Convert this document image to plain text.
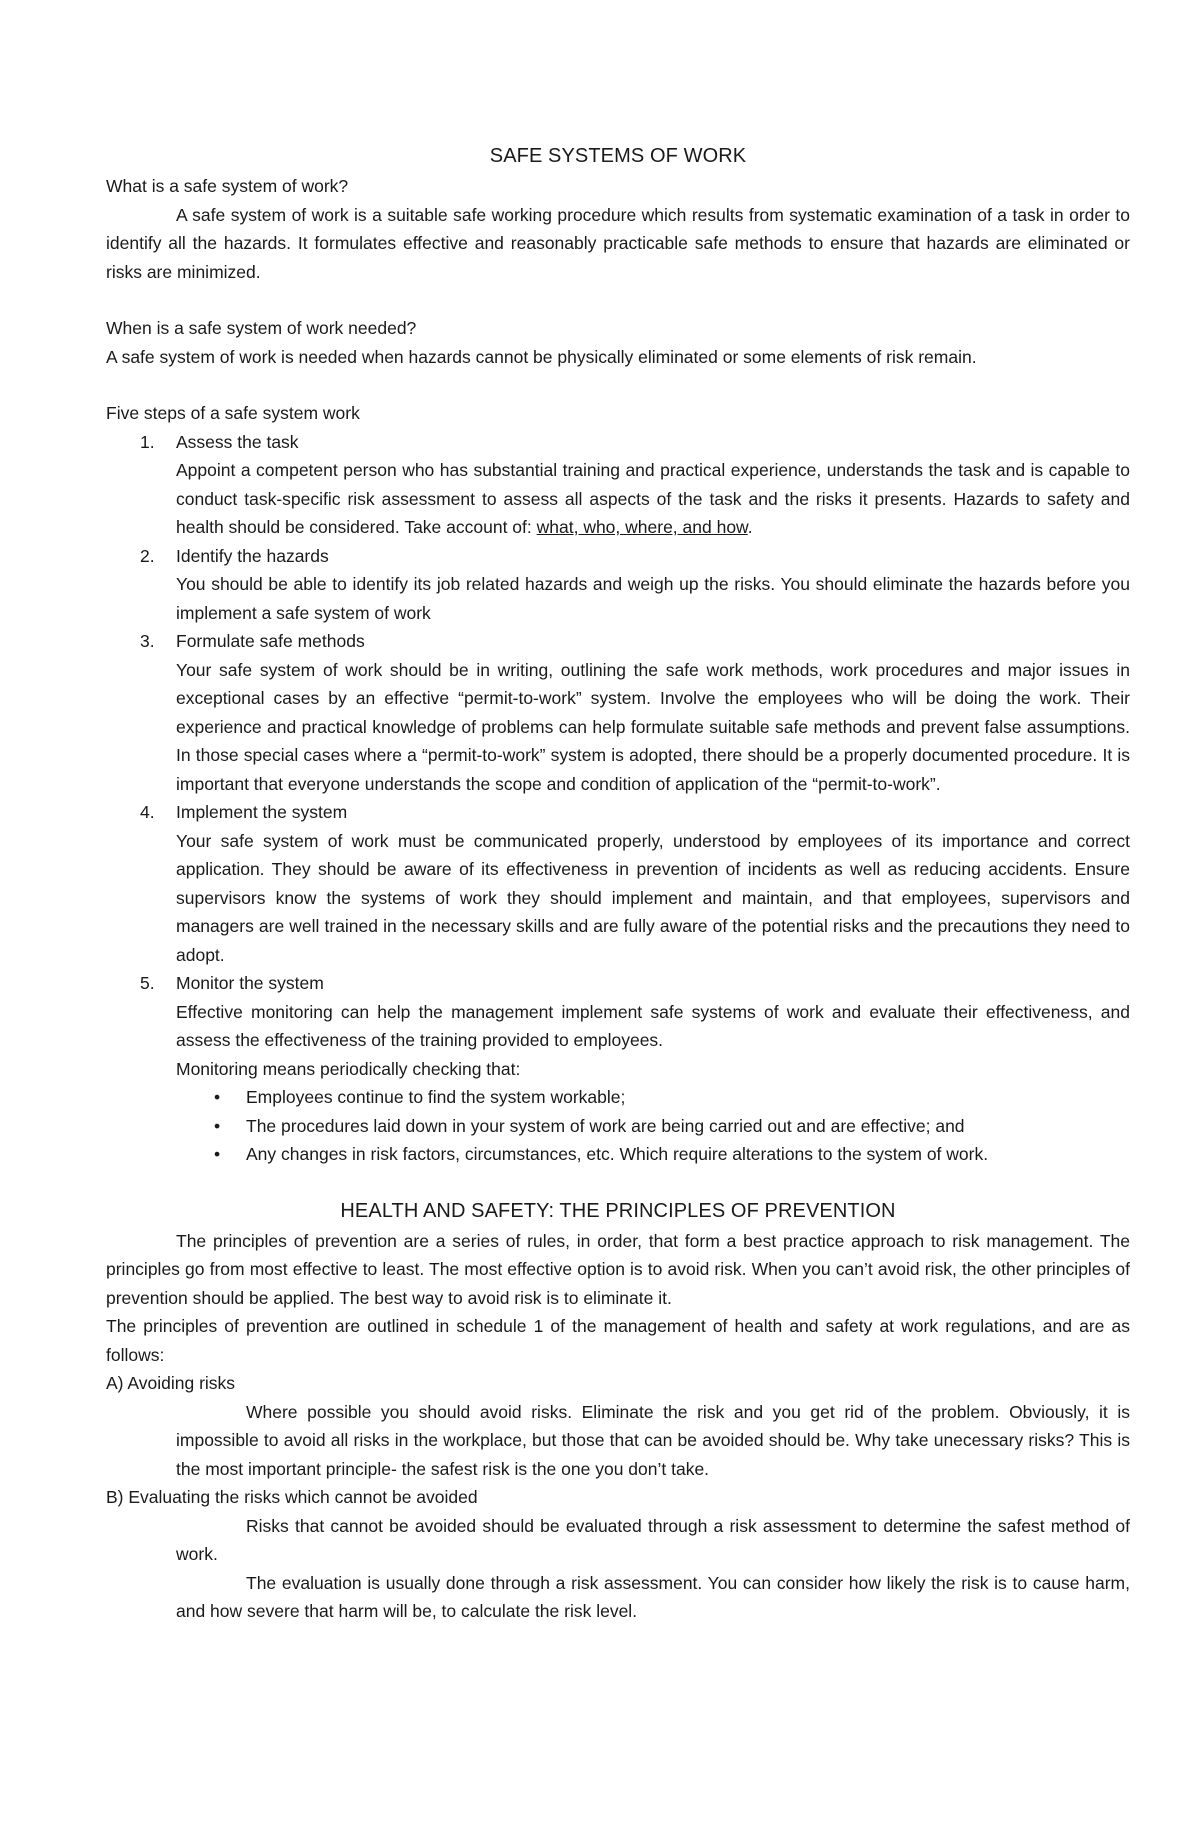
SAFE SYSTEMS OF WORK

What is a safe system of work?

A safe system of work is a suitable safe working procedure which results from systematic examination of a task in order to identify all the hazards. It formulates effective and reasonably practicable safe methods to ensure that hazards are eliminated or risks are minimized.

When is a safe system of work needed?

A safe system of work is needed when hazards cannot be physically eliminated or some elements of risk remain.

Five steps of a safe system work

1.	Assess the task

Appoint a competent person who has substantial training and practical experience, understands the task and is capable to conduct task-specific risk assessment to assess all aspects of the task and the risks it presents. Hazards to safety and health should be considered. Take account of: what, who, where, and how.

2.	Identify the hazards

You should be able to identify its job related hazards and weigh up the risks. You should eliminate the hazards before you implement a safe system of work

3.	Formulate safe methods

Your safe system of work should be in writing, outlining the safe work methods, work procedures and major issues in exceptional cases by an effective “permit-to-work” system. Involve the employees who will be doing the work. Their experience and practical knowledge of problems can help formulate suitable safe methods and prevent false assumptions. In those special cases where a “permit-to-work” system is adopted, there should be a properly documented procedure. It is important that everyone understands the scope and condition of application of the “permit-to-work”.

4.	Implement the system

Your safe system of work must be communicated properly, understood by employees of its importance and correct application. They should be aware of its effectiveness in prevention of incidents as well as reducing accidents. Ensure supervisors know the systems of work they should implement and maintain, and that employees, supervisors and managers are well trained in the necessary skills and are fully aware of the potential risks and the precautions they need to adopt.

5.	Monitor the system

Effective monitoring can help the management implement safe systems of work and evaluate their effectiveness, and assess the effectiveness of the training provided to employees.

Monitoring means periodically checking that:

•	Employees continue to find the system workable;
•	The procedures laid down in your system of work are being carried out and are effective; and
•	Any changes in risk factors, circumstances, etc. Which require alterations to the system of work.
HEALTH AND SAFETY: THE PRINCIPLES OF PREVENTION

The principles of prevention are a series of rules, in order, that form a best practice approach to risk management. The principles go from most effective to least. The most effective option is to avoid risk. When you can’t avoid risk, the other principles of prevention should be applied. The best way to avoid risk is to eliminate it.

The principles of prevention are outlined in schedule 1 of the management of health and safety at work regulations, and are as follows:

A) Avoiding risks

Where possible you should avoid risks. Eliminate the risk and you get rid of the problem. Obviously, it is impossible to avoid all risks in the workplace, but those that can be avoided should be. Why take unecessary risks? This is the most important principle- the safest risk is the one you don’t take.

B) Evaluating the risks which cannot be avoided

Risks that cannot be avoided should be evaluated through a risk assessment to determine the safest method of work.

The evaluation is usually done through a risk assessment. You can consider how likely the risk is to cause harm, and how severe that harm will be, to calculate the risk level.
